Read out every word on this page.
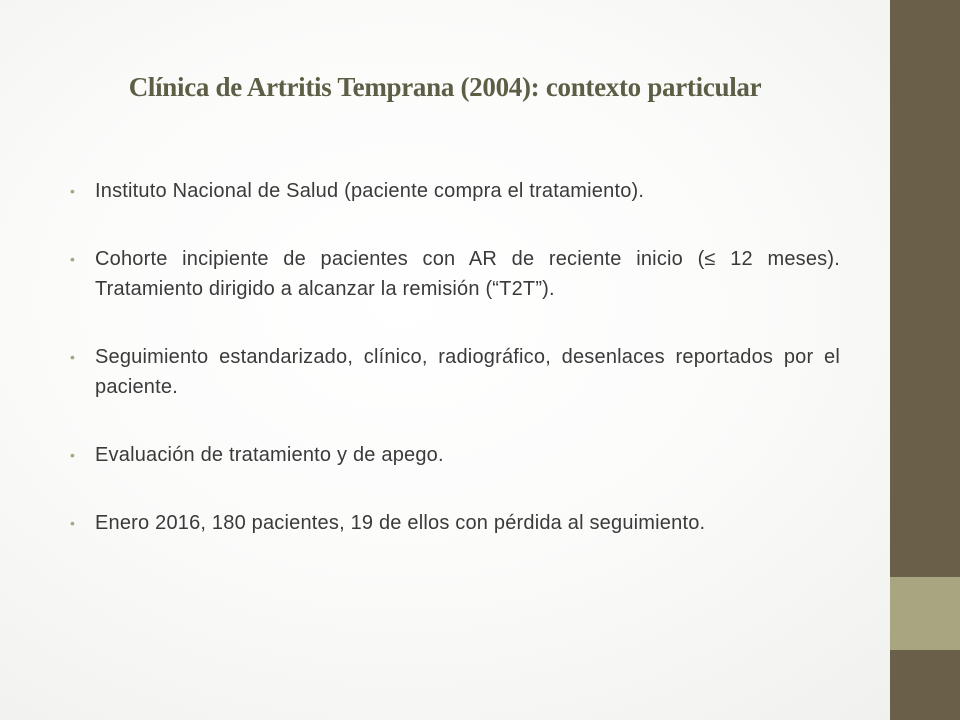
Clínica de Artritis Temprana (2004): contexto particular
• Instituto Nacional de Salud (paciente compra el tratamiento).
• Cohorte incipiente de pacientes con AR de reciente inicio (≤ 12 meses). Tratamiento dirigido a alcanzar la remisión (“T2T”).
• Seguimiento estandarizado, clínico, radiográfico, desenlaces reportados por el paciente.
• Evaluación de tratamiento y de apego.
• Enero 2016, 180 pacientes, 19 de ellos con pérdida al seguimiento.
